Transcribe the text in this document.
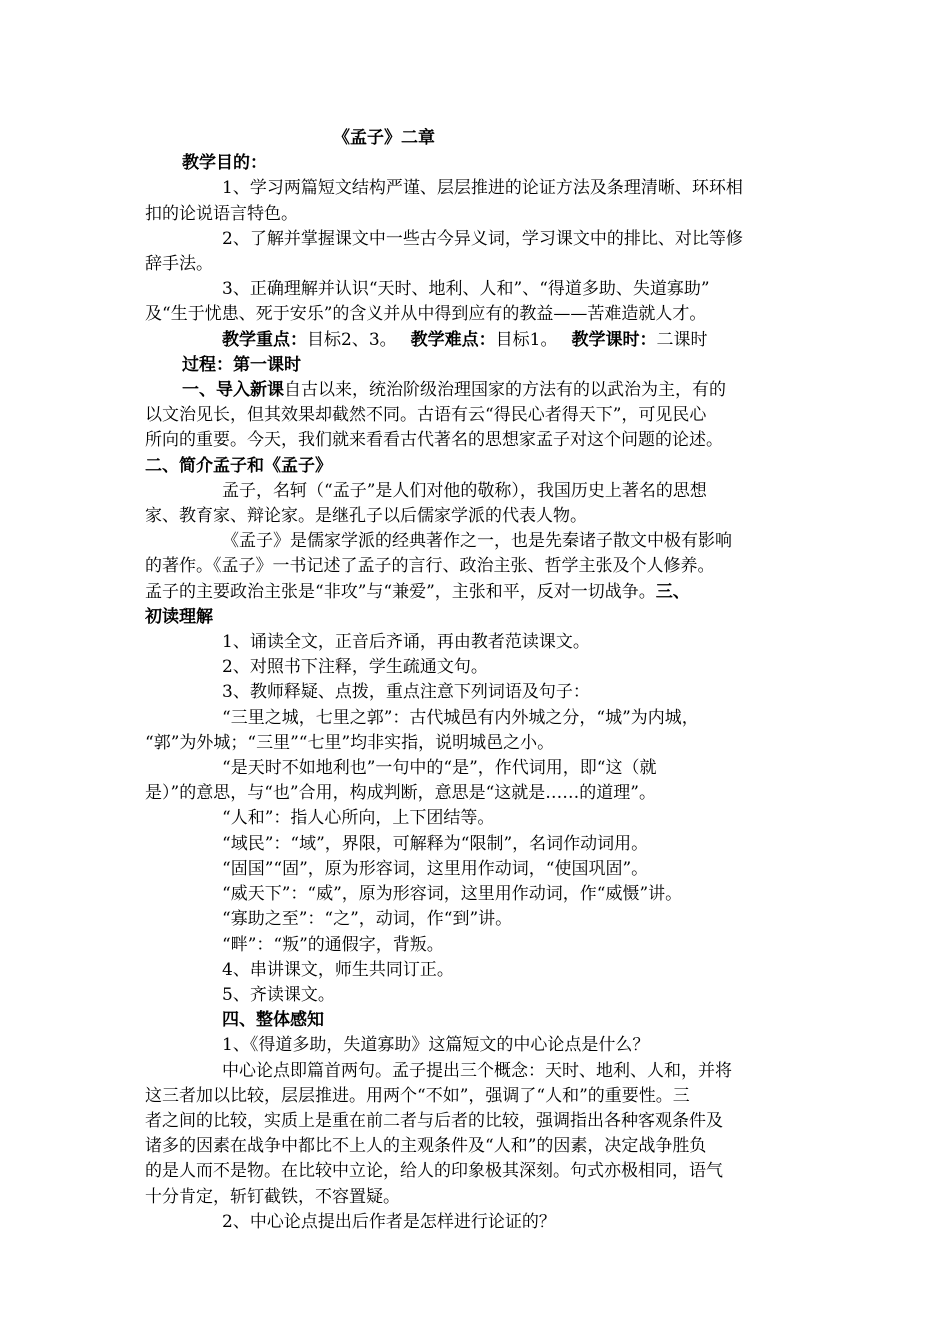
《孟子》二章
教学目的：
1、学习两篇短文结构严谨、层层推进的论证方法及条理清晰、环环相
扣的论说语言特色。
2、了解并掌握课文中一些古今异义词，学习课文中的排比、对比等修
辞手法。
3、正确理解并认识“天时、地利、人和”、“得道多助、失道寡助”
及“生于忧患、死于安乐”的含义并从中得到应有的教益——苦难造就人才。
教学重点：目标2、3。 教学难点：目标1。 教学课时：二课时
过程：第一课时
一、导入新课自古以来，统治阶级治理国家的方法有的以武治为主，有的
以文治见长，但其效果却截然不同。古语有云“得民心者得天下”，可见民心
所向的重要。今天，我们就来看看古代著名的思想家孟子对这个问题的论述。
二、简介孟子和《孟子》
孟子，名轲（“孟子”是人们对他的敬称），我国历史上著名的思想
家、教育家、辩论家。是继孔子以后儒家学派的代表人物。
《孟子》是儒家学派的经典著作之一，也是先秦诸子散文中极有影响
的著作。《孟子》一书记述了孟子的言行、政治主张、哲学主张及个人修养。
孟子的主要政治主张是“非攻”与“兼爱”，主张和平，反对一切战争。三、
初读理解
1、诵读全文，正音后齐诵，再由教者范读课文。
2、对照书下注释，学生疏通文句。
3、教师释疑、点拨，重点注意下列词语及句子：
“三里之城，七里之郭”：古代城邑有内外城之分，“城”为内城，
“郭”为外城；“三里”“七里”均非实指，说明城邑之小。
“是天时不如地利也”一句中的“是”，作代词用，即“这（就
是）”的意思，与“也”合用，构成判断，意思是“这就是……的道理”。
“人和”：指人心所向，上下团结等。
“域民”：“域”，界限，可解释为“限制”，名词作动词用。
“固国”“固”，原为形容词，这里用作动词，“使国巩固”。
“威天下”：“威”，原为形容词，这里用作动词，作“威慑”讲。
“寡助之至”：“之”，动词，作“到”讲。
“畔”：“叛”的通假字，背叛。
4、串讲课文，师生共同订正。
5、齐读课文。
四、整体感知
1、《得道多助，失道寡助》这篇短文的中心论点是什么？
中心论点即篇首两句。孟子提出三个概念：天时、地利、人和，并将
这三者加以比较，层层推进。用两个“不如”，强调了“人和”的重要性。三
者之间的比较，实质上是重在前二者与后者的比较，强调指出各种客观条件及
诸多的因素在战争中都比不上人的主观条件及“人和”的因素，决定战争胜负
的是人而不是物。在比较中立论，给人的印象极其深刻。句式亦极相同，语气
十分肯定，斩钉截铁，不容置疑。
2、中心论点提出后作者是怎样进行论证的？
